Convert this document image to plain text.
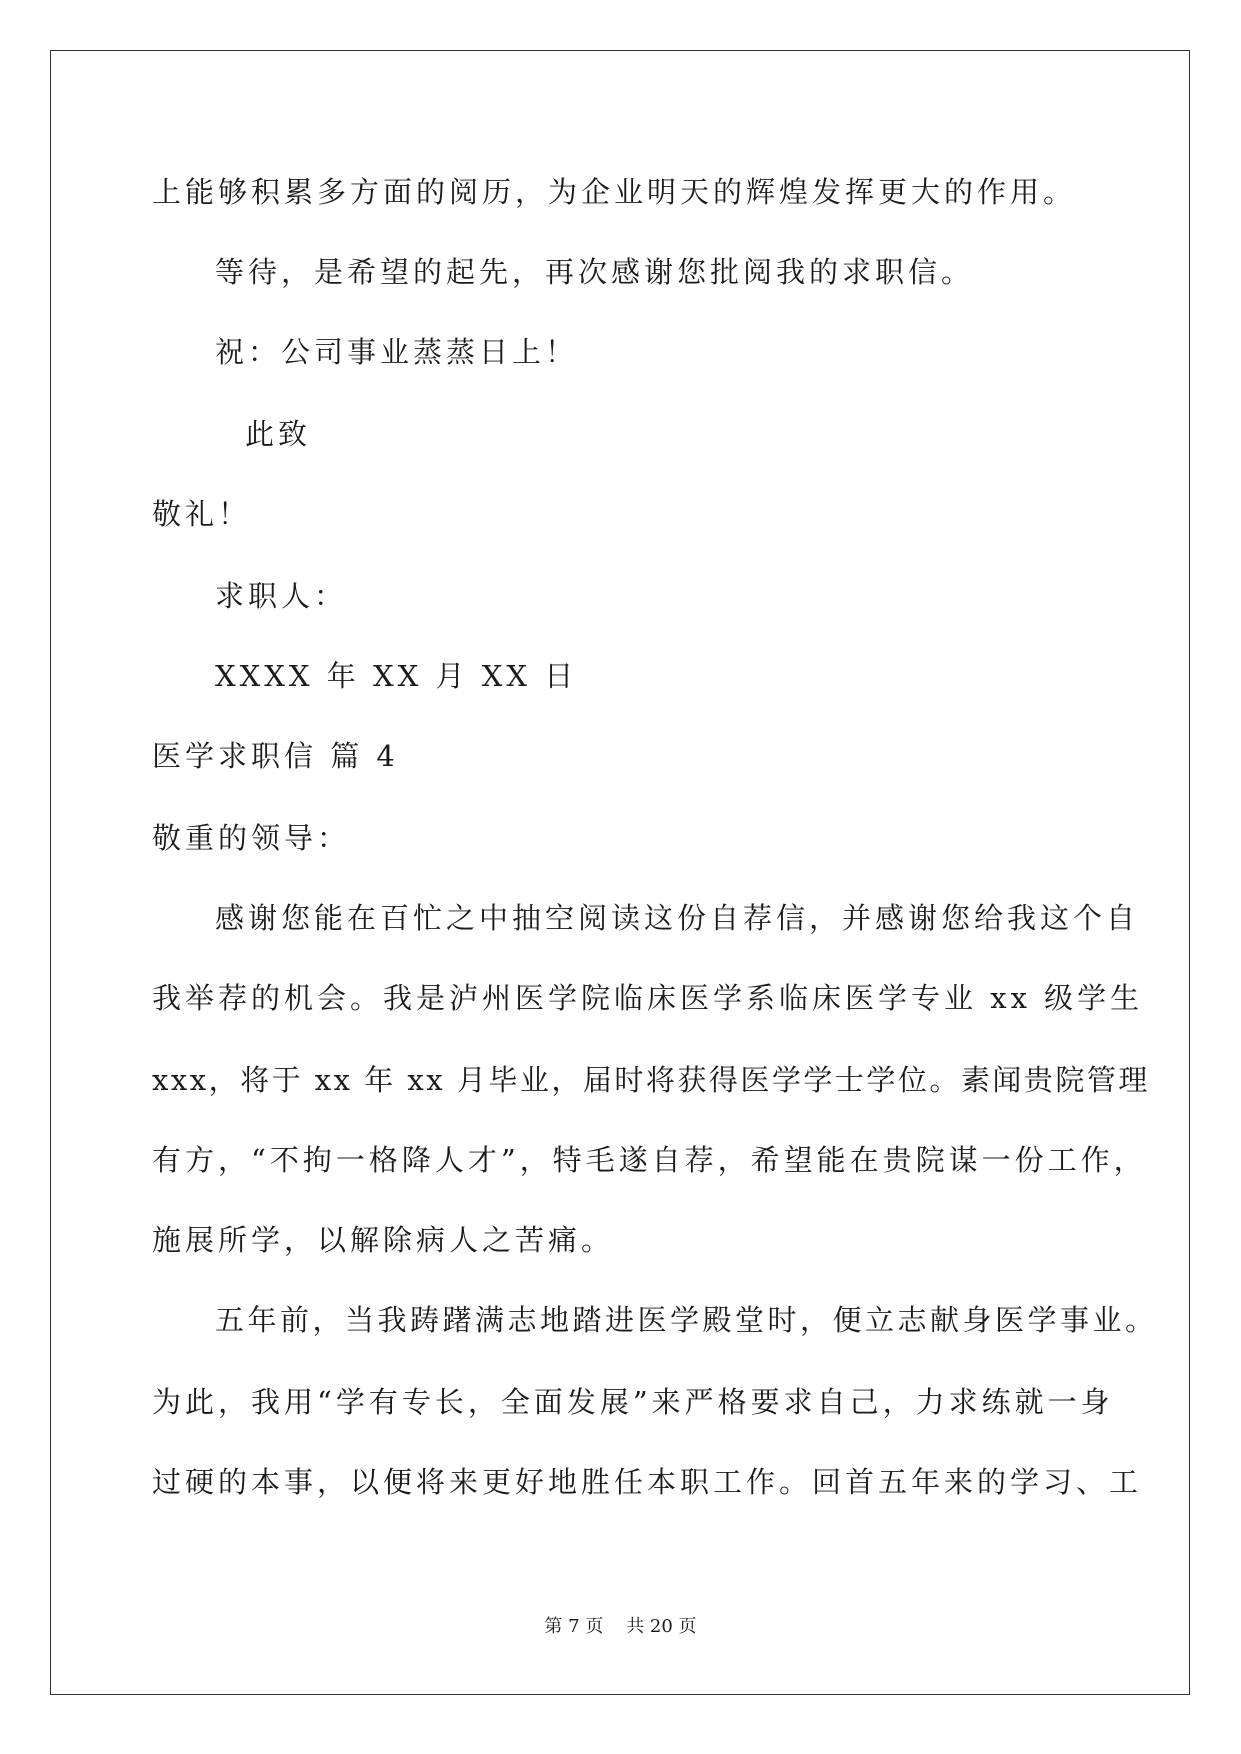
上能够积累多方面的阅历，为企业明天的辉煌发挥更大的作用。
等待，是希望的起先，再次感谢您批阅我的求职信。
祝：公司事业蒸蒸日上！
此致
敬礼！
求职人：
XXXX 年 XX 月 XX 日
医学求职信 篇 4
敬重的领导：
感谢您能在百忙之中抽空阅读这份自荐信，并感谢您给我这个自
我举荐的机会。我是泸州医学院临床医学系临床医学专业 xx 级学生
xxx，将于 xx 年 xx 月毕业，届时将获得医学学士学位。素闻贵院管理
有方，“不拘一格降人才”，特毛遂自荐，希望能在贵院谋一份工作，
施展所学，以解除病人之苦痛。
五年前，当我踌躇满志地踏进医学殿堂时，便立志献身医学事业。
为此，我用“学有专长，全面发展”来严格要求自己，力求练就一身
过硬的本事，以便将来更好地胜任本职工作。回首五年来的学习、工
第 7 页    共 20 页
